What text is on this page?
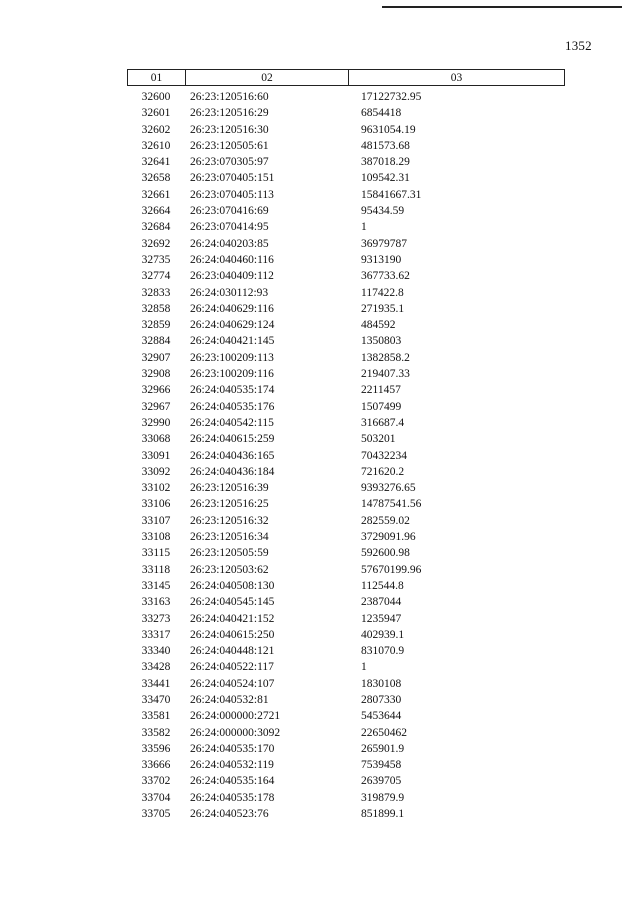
1352
01	02	03
32600	26:23:120516:60	17122732.95
32601	26:23:120516:29	6854418
32602	26:23:120516:30	9631054.19
32610	26:23:120505:61	481573.68
32641	26:23:070305:97	387018.29
32658	26:23:070405:151	109542.31
32661	26:23:070405:113	15841667.31
32664	26:23:070416:69	95434.59
32684	26:23:070414:95	1
32692	26:24:040203:85	36979787
32735	26:24:040460:116	9313190
32774	26:23:040409:112	367733.62
32833	26:24:030112:93	117422.8
32858	26:24:040629:116	271935.1
32859	26:24:040629:124	484592
32884	26:24:040421:145	1350803
32907	26:23:100209:113	1382858.2
32908	26:23:100209:116	219407.33
32966	26:24:040535:174	2211457
32967	26:24:040535:176	1507499
32990	26:24:040542:115	316687.4
33068	26:24:040615:259	503201
33091	26:24:040436:165	70432234
33092	26:24:040436:184	721620.2
33102	26:23:120516:39	9393276.65
33106	26:23:120516:25	14787541.56
33107	26:23:120516:32	282559.02
33108	26:23:120516:34	3729091.96
33115	26:23:120505:59	592600.98
33118	26:23:120503:62	57670199.96
33145	26:24:040508:130	112544.8
33163	26:24:040545:145	2387044
33273	26:24:040421:152	1235947
33317	26:24:040615:250	402939.1
33340	26:24:040448:121	831070.9
33428	26:24:040522:117	1
33441	26:24:040524:107	1830108
33470	26:24:040532:81	2807330
33581	26:24:000000:2721	5453644
33582	26:24:000000:3092	22650462
33596	26:24:040535:170	265901.9
33666	26:24:040532:119	7539458
33702	26:24:040535:164	2639705
33704	26:24:040535:178	319879.9
33705	26:24:040523:76	851899.1
